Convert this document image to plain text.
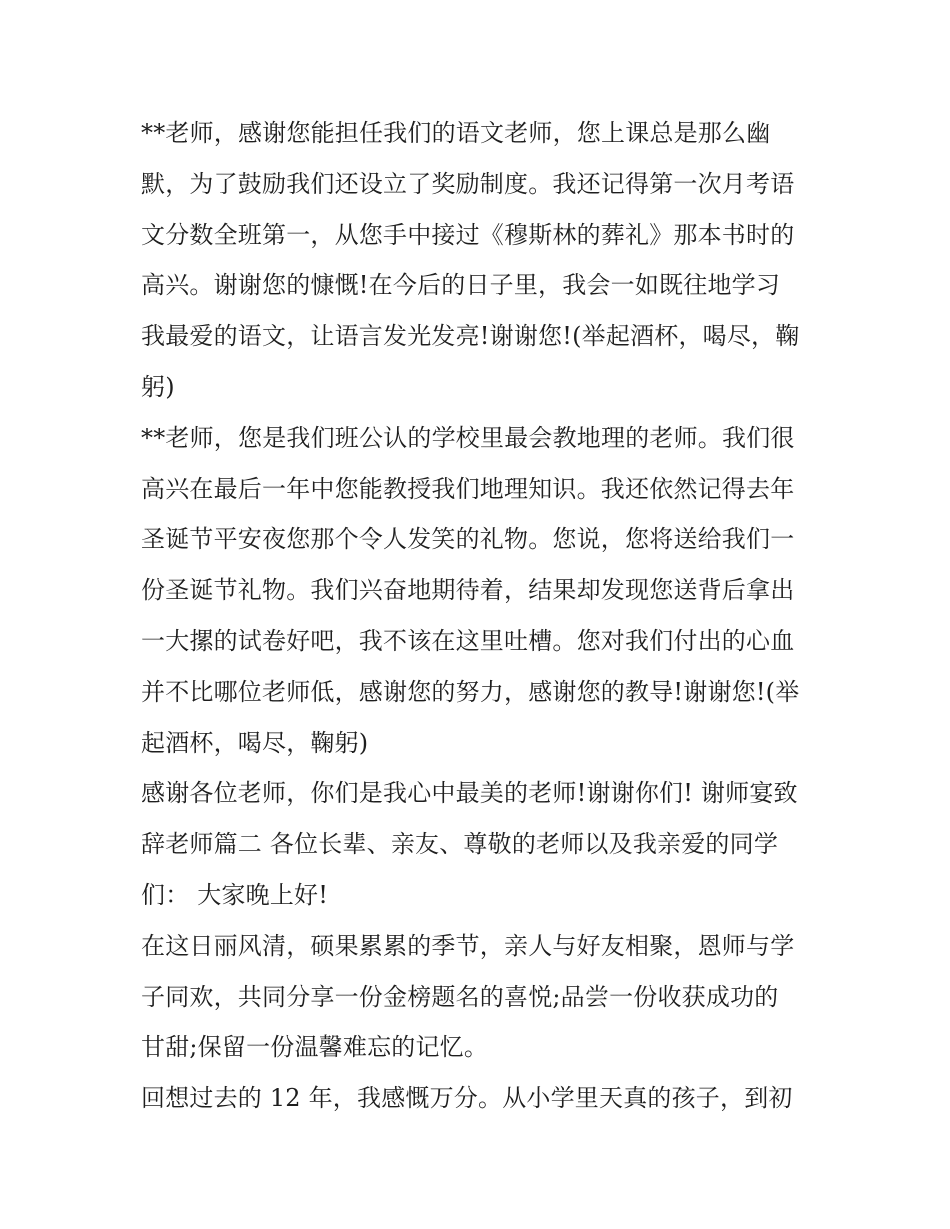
**老师，感谢您能担任我们的语文老师，您上课总是那么幽
默，为了鼓励我们还设立了奖励制度。我还记得第一次月考语
文分数全班第一，从您手中接过《穆斯林的葬礼》那本书时的
高兴。谢谢您的慷慨!在今后的日子里，我会一如既往地学习
我最爱的语文，让语言发光发亮!谢谢您!(举起酒杯，喝尽，鞠
躬)
**老师，您是我们班公认的学校里最会教地理的老师。我们很
高兴在最后一年中您能教授我们地理知识。我还依然记得去年
圣诞节平安夜您那个令人发笑的礼物。您说，您将送给我们一
份圣诞节礼物。我们兴奋地期待着，结果却发现您送背后拿出
一大摞的试卷好吧，我不该在这里吐槽。您对我们付出的心血
并不比哪位老师低，感谢您的努力，感谢您的教导!谢谢您!(举
起酒杯，喝尽，鞠躬)
感谢各位老师，你们是我心中最美的老师!谢谢你们! 谢师宴致
辞老师篇二 各位长辈、亲友、尊敬的老师以及我亲爱的同学
们： 大家晚上好!
在这日丽风清，硕果累累的季节，亲人与好友相聚，恩师与学
子同欢，共同分享一份金榜题名的喜悦;品尝一份收获成功的
甘甜;保留一份温馨难忘的记忆。
回想过去的 12 年，我感慨万分。从小学里天真的孩子，到初
